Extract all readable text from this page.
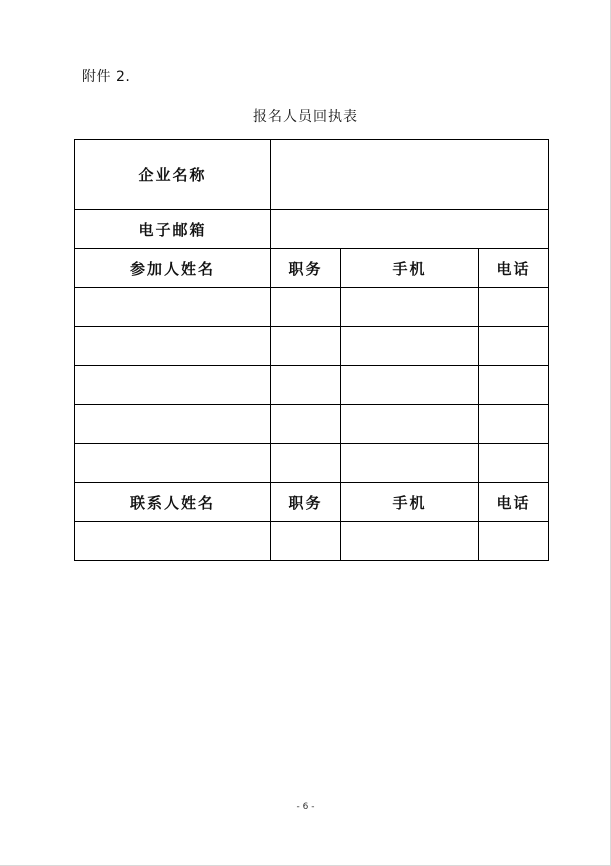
附件 2.
报名人员回执表
企业名称			
电子邮箱			
参加人姓名	职务	手机	电话

联系人姓名	职务	手机	电话

- 6 -
